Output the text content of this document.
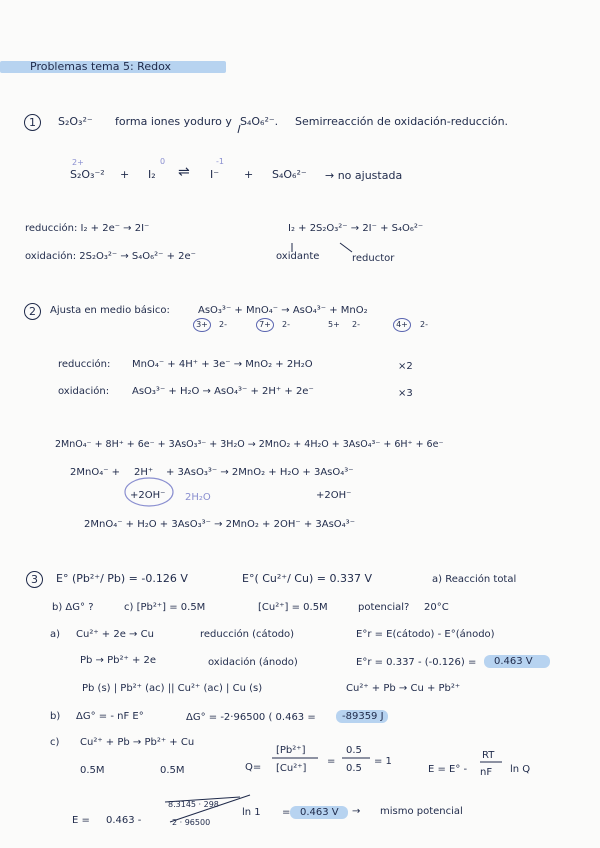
Problemas tema 5: Redox
1	S₂O₃²⁻ forma iones yoduro y S₄O₆²⁻. Semirreacción de oxidación-reducción.
2+	0	-1
S₂O₃⁻² + I₂ ⇌ I⁻ + S₄O₆²⁻ → no ajustada
reducción: I₂ + 2e⁻ → 2I⁻
oxidación: 2S₂O₃²⁻ → S₄O₆²⁻ + 2e⁻
I₂ + 2S₂O₃²⁻ → 2I⁻ + S₄O₆²⁻
oxidante	reductor
2	Ajusta en medio básico:	AsO₃³⁻ + MnO₄⁻ → AsO₄³⁻ + MnO₂
3+	2-	7+	2-	5+ 2-	4+	2-
reducción: MnO₄⁻ + 4H⁺ + 3e⁻ → MnO₂ + 2H₂O	×2
oxidación: AsO₃³⁻ + H₂O → AsO₄³⁻ + 2H⁺ + 2e⁻	×3
2MnO₄⁻ + 8H⁺ + 6e⁻ + 3AsO₃³⁻ + 3H₂O → 2MnO₂ + 4H₂O + 3AsO₄³⁻ + 6H⁺ + 6e⁻
2MnO₄⁻ + 2H⁺ + 3AsO₃³⁻ → 2MnO₂ + H₂O + 3AsO₄³⁻
+2OH⁻ 2H₂O	+2OH⁻
2MnO₄⁻ + H₂O + 3AsO₃³⁻ → 2MnO₂ + 2OH⁻ + 3AsO₄³⁻
3	E° (Pb²⁺/ Pb) = -0.126 V	E°( Cu²⁺/ Cu) = 0.337 V	a) Reacción total
b) ΔG° ?	c) [Pb²⁺] = 0.5M	[Cu²⁺] = 0.5M	potencial? 20°C
a) Cu²⁺ + 2e → Cu	reducción (cátodo)	E°r = E(cátodo) - E°(ánodo)
Pb → Pb²⁺ + 2e	oxidación (ánodo)	E°r = 0.337 - (-0.126) = 0.463 V
Pb (s) | Pb²⁺ (ac) || Cu²⁺ (ac) | Cu (s)	Cu²⁺ + Pb → Cu + Pb²⁺
b) ΔG° = - nF E°	ΔG° = -2·96500 ( 0.463 =	-89359 J
c) Cu²⁺ + Pb → Pb²⁺ + Cu
0.5M	0.5M	Q=
[Pb²⁺]
[Cu²⁺]
=
0.5
0.5
= 1
E = E° -
RT
nF ln Q
E = 0.463 -
8.3145 · 298
2 · 96500
ln 1 = 0.463 V → mismo potencial
